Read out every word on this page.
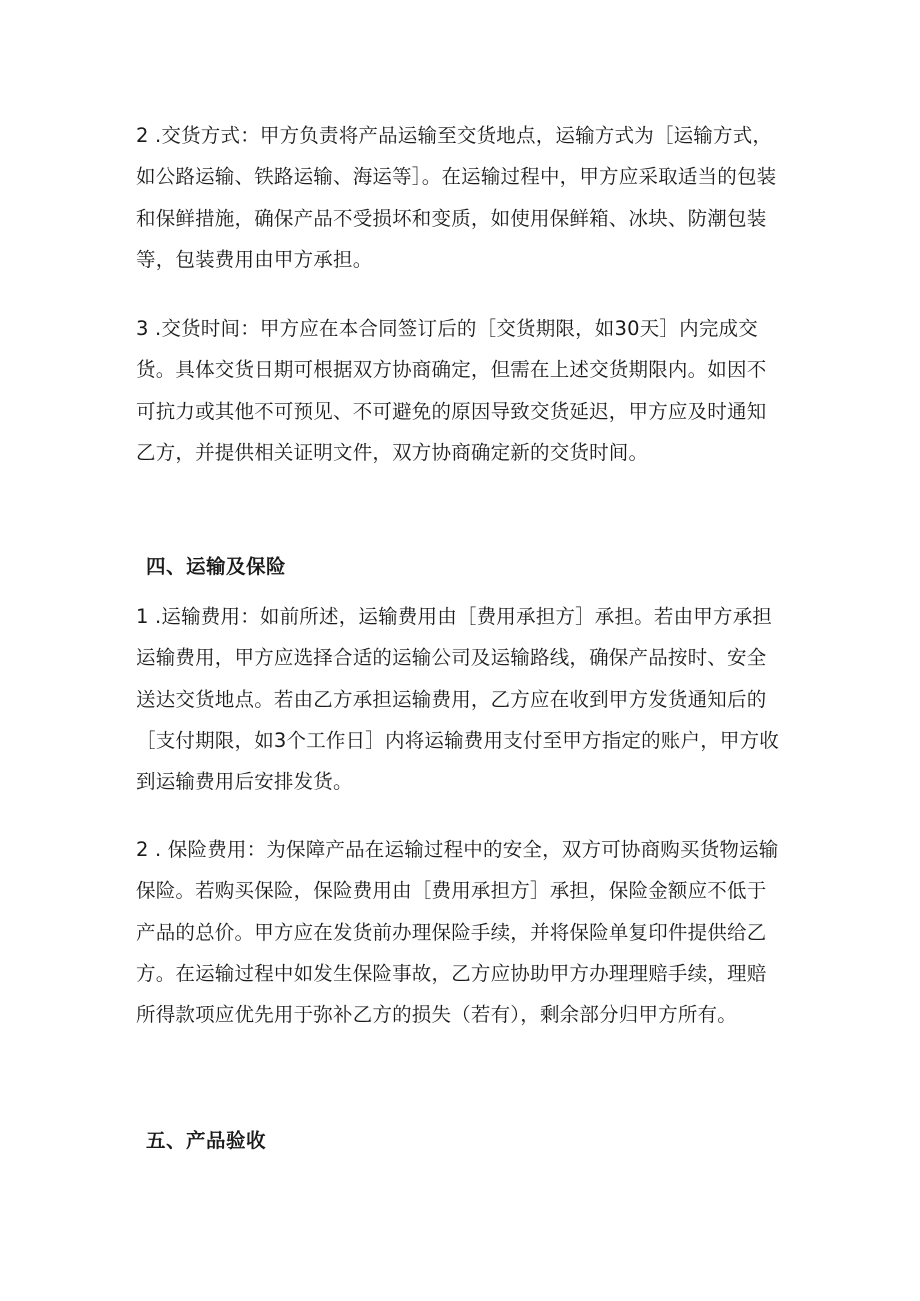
2 .交货方式：甲方负责将产品运输至交货地点，运输方式为［运输方式，如公路运输、铁路运输、海运等］。在运输过程中，甲方应采取适当的包装和保鲜措施，确保产品不受损坏和变质，如使用保鲜箱、冰块、防潮包装等，包装费用由甲方承担。

3 .交货时间：甲方应在本合同签订后的［交货期限，如30天］内完成交货。具体交货日期可根据双方协商确定，但需在上述交货期限内。如因不可抗力或其他不可预见、不可避免的原因导致交货延迟，甲方应及时通知乙方，并提供相关证明文件，双方协商确定新的交货时间。

四、运输及保险

1 .运输费用：如前所述，运输费用由［费用承担方］承担。若由甲方承担运输费用，甲方应选择合适的运输公司及运输路线，确保产品按时、安全送达交货地点。若由乙方承担运输费用，乙方应在收到甲方发货通知后的［支付期限，如3个工作日］内将运输费用支付至甲方指定的账户，甲方收到运输费用后安排发货。

2 . 保险费用：为保障产品在运输过程中的安全，双方可协商购买货物运输保险。若购买保险，保险费用由［费用承担方］承担，保险金额应不低于产品的总价。甲方应在发货前办理保险手续，并将保险单复印件提供给乙方。在运输过程中如发生保险事故，乙方应协助甲方办理理赔手续，理赔所得款项应优先用于弥补乙方的损失（若有），剩余部分归甲方所有。

五、产品验收
